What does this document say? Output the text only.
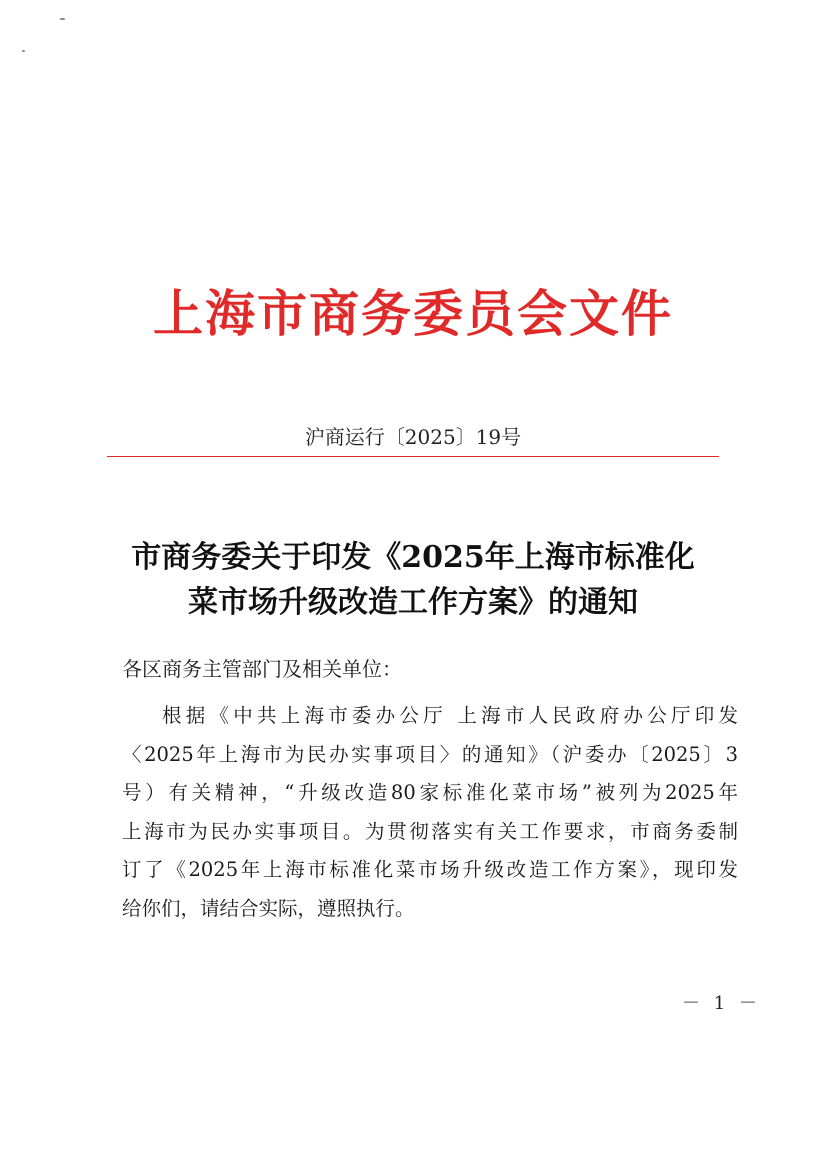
上海市商务委员会文件
沪商运行〔2025〕19号
市商务委关于印发《2025年上海市标准化
菜市场升级改造工作方案》的通知
各区商务主管部门及相关单位：
根据《中共上海市委办公厅 上海市人民政府办公厅印发
〈2025年上海市为民办实事项目〉的通知》（沪委办〔2025〕3
号）有关精神，“升级改造80家标准化菜市场”被列为2025年
上海市为民办实事项目。为贯彻落实有关工作要求，市商务委制
订了《2025年上海市标准化菜市场升级改造工作方案》，现印发
给你们，请结合实际，遵照执行。
－ 1 －
